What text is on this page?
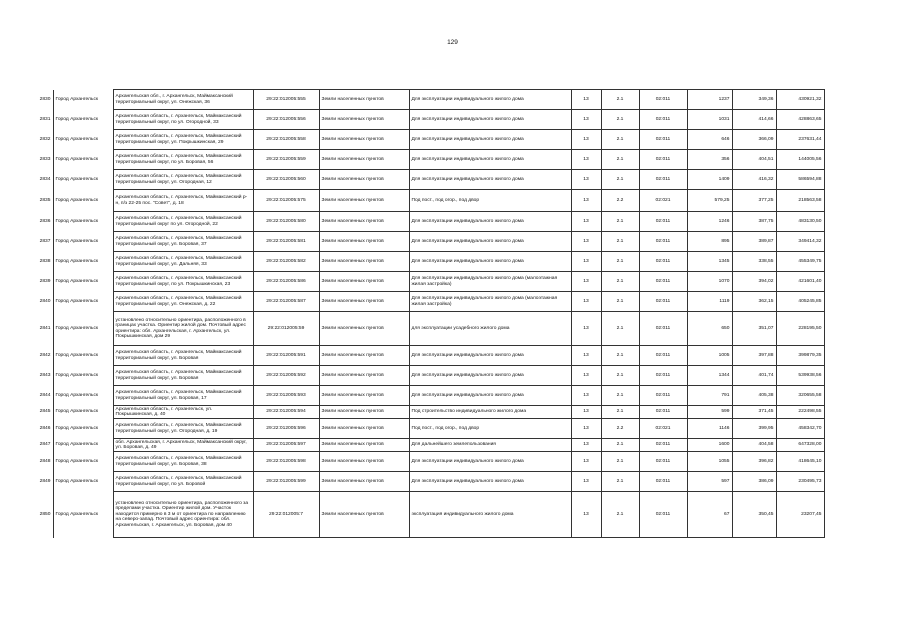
129
2830	Город Архангельск	Архангельская обл., г. Архангельск, Маймаксанский территориальный округ, ул. Онежская, 36	29:22:012005:555	Земли населенных пунктов	Для эксплуатации индивидуального жилого дома	13	2.1	02:011	1237	349,36	430921,32
2831	Город Архангельск	Архангельская область, г. Архангельск, Маймаксанский территориальный округ, по ул. Огородной, 33	29:22:012005:556	Земли населенных пунктов	Для эксплуатации индивидуального жилого дома	13	2.1	02:011	1031	414,66	428863,65
2832	Город Архангельск	Архангельская область, г. Архангельск, Маймаксанский территориальный округ, ул. Покрышкинская, 29	29:22:012005:558	Земли населенных пунктов	Для эксплуатации индивидуального жилого дома	13	2.1	02:011	646	366,09	237631,44
2833	Город Архангельск	Архангельская область, г. Архангельск, Маймаксанский территориальный округ, по ул. Боровая, 56	29:22:012005:559	Земли населенных пунктов	Для эксплуатации индивидуального жилого дома	13	2.1	02:011	356	404,51	144005,56
2834	Город Архангельск	Архангельская область, г. Архангельск, Маймаксанский территориальный округ, ул. Огородная, 12	29:22:012005:560	Земли населенных пунктов	Для эксплуатации индивидуального жилого дома	13	2.1	02:011	1409	416,32	586594,88
2835	Город Архангельск	Архангельская область, г. Архангельск, Маймаксанский р-н, п/з 22-25 пос. "Совет", д. 18	29:22:012005:575	Земли населенных пунктов	Под пост., под огор., под двор	13	2.2	02:021	579,25	377,25	218563,58
2836	Город Архангельск	Архангельская область, г. Архангельск, Маймаксанский территориальный округ по ул. Огородной, 22	29:22:012005:580	Земли населенных пунктов	Для эксплуатации индивидуального жилого дома	13	2.1	02:011	1246	387,75	483130,50
2837	Город Архангельск	Архангельская область, г. Архангельск, Маймаксанский территориальный округ, ул. Боровая, 37	29:22:012005:581	Земли населенных пунктов	Для эксплуатации индивидуального жилого дома	13	2.1	02:011	895	389,87	349414,32
2838	Город Архангельск	Архангельская область, г. Архангельск, Маймаксанский территориальный округ, ул. Дальняя, 33	29:22:012005:582	Земли населенных пунктов	Для эксплуатации индивидуального жилого дома	13	2.1	02:011	1345	338,55	455349,75
2839	Город Архангельск	Архангельская область, г. Архангельск, Маймаксанский территориальный округ, по ул. Покрышкинская, 23	29:22:012005:586	Земли населенных пунктов	Для эксплуатации индивидуального жилого дома (малоэтажная жилая застройка)	13	2.1	02:011	1070	394,02	421601,40
2840	Город Архангельск	Архангельская область, г. Архангельск, Маймаксанский территориальный округ, ул. Онежская, д. 22	29:22:012005:587	Земли населенных пунктов	Для эксплуатации индивидуального жилого дома (малоэтажная жилая застройка)	13	2.1	02:011	1119	362,15	405245,85
2841	Город Архангельск	установлено относительно ориентира, расположенного в границах участка. Ориентир жилой дом. Почтовый адрес ориентира: обл. Архангельская, г. Архангельск, ул. Покрышкинская, дом 29	29:22:012005:59	Земли населенных пунктов	для эксплуатации усадебного жилого дома	13	2.1	02:011	650	351,07	228195,50
2842	Город Архангельск	Архангельская область, г. Архангельск, Маймаксанский территориальный округ, ул. Боровая	29:22:012005:591	Земли населенных пунктов	Для эксплуатации индивидуального жилого дома	13	2.1	02:011	1005	397,88	399879,35
2843	Город Архангельск	Архангельская область, г. Архангельск, Маймаксанский территориальный округ, ул. Боровая	29:22:012005:592	Земли населенных пунктов	Для эксплуатации индивидуального жилого дома	13	2.1	02:011	1344	401,74	539938,56
2844	Город Архангельск	Архангельская область, г. Архангельск, Маймаксанский территориальный округ, ул. Боровая, 17	29:22:012005:593	Земли населенных пунктов	Для эксплуатации индивидуального жилого дома	13	2.1	02:011	791	405,38	320655,58
2845	Город Архангельск	Архангельская область, г. Архангельск, ул. Покрышкинская, д. 40	29:22:012005:594	Земли населенных пунктов	Под строительство индивидуального жилого дома	13	2.1	02:011	599	371,45	222498,55
2846	Город Архангельск	Архангельская область, г. Архангельск, Маймаксанский территориальный округ, ул. Огородная, д. 19	29:22:012005:596	Земли населенных пунктов	Под пост., под огор., под двор	13	2.2	02:021	1146	399,95	458342,70
2847	Город Архангельск	обл. Архангельская, г. Архангельск, Маймаксанский округ, ул. Боровая, д. 49	29:22:012005:597	Земли населенных пунктов	Для дальнейшего землепользования	13	2.1	02:011	1600	404,58	647328,00
2848	Город Архангельск	Архангельская область, г. Архангельск, Маймаксанский территориальный округ, ул. Боровая, 38	29:22:012005:598	Земли населенных пунктов	Для эксплуатации индивидуального жилого дома	13	2.1	02:011	1055	396,82	418645,10
2849	Город Архангельск	Архангельская область, г. Архангельск, Маймаксанский территориальный округ, по ул. Боровой	29:22:012005:599	Земли населенных пунктов	Для эксплуатации индивидуального жилого дома	13	2.1	02:011	597	386,09	230495,73
2850	Город Архангельск	установлено относительно ориентира, расположенного за пределами участка. Ориентир жилой дом. Участок находится примерно в 3 м от ориентира по направлению на северо-запад. Почтовый адрес ориентира: обл. Архангельская, г. Архангельск, ул. Боровая, дом 40	29:22:012005:7	Земли населенных пунктов	эксплуатация индивидуального жилого дома	13	2.1	02:011	67	350,45	23207,45
